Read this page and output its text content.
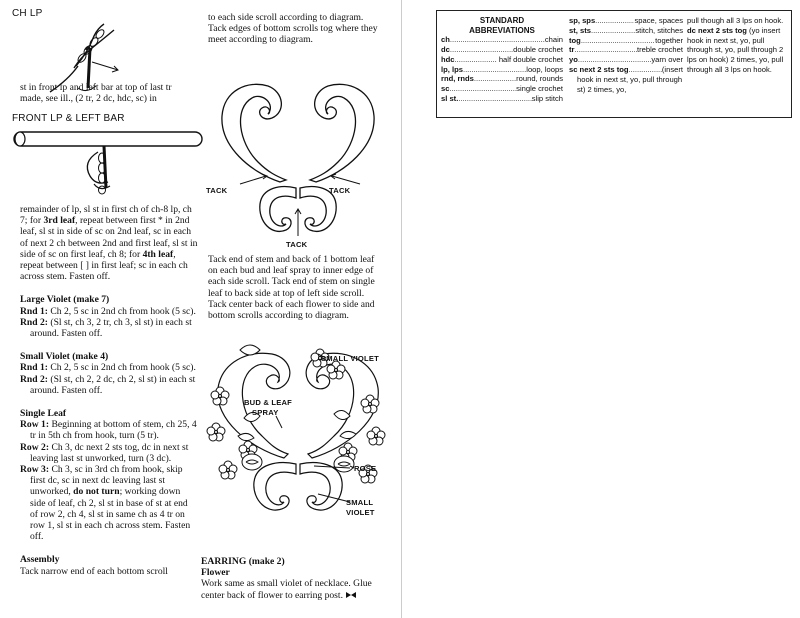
CH LP

st in front lp and left bar at top of last tr made, see ill., (2 tr, 2 dc, hdc, sc) in

FRONT LP & LEFT BAR

remainder of lp, sl st in first ch of ch-8 lp, ch 7; for 3rd leaf, repeat between first * in 2nd leaf, sl st in side of sc on 2nd leaf, sc in each of next 2 ch between 2nd and first leaf, sl st in side of sc on first leaf, ch 8; for 4th leaf, repeat between [ ] in first leaf; sc in each ch across stem. Fasten off.

Large Violet (make 7)

Rnd 1: Ch 2, 5 sc in 2nd ch from hook (5 sc).

Rnd 2: (Sl st, ch 3, 2 tr, ch 3, sl st) in each st around. Fasten off.

Small Violet (make 4)

Rnd 1: Ch 2, 5 sc in 2nd ch from hook (5 sc).

Rnd 2: (Sl st, ch 2, 2 dc, ch 2, sl st) in each st around. Fasten off.

Single Leaf

Row 1: Beginning at bottom of stem, ch 25, 4 tr in 5th ch from hook, turn (5 tr).

Row 2: Ch 3, dc next 2 sts tog, dc in next st leaving last st unworked, turn (3 dc).

Row 3: Ch 3, sc in 3rd ch from hook, skip first dc, sc in next dc leaving last st unworked, do not turn; working down side of leaf, ch 2, sl st in base of st at end of row 2, ch 4, sl st in same ch as 4 tr on row 1, sl st in each ch across stem. Fasten off.

Assembly

Tack narrow end of each bottom scroll

to each side scroll according to diagram. Tack edges of bottom scrolls tog where they meet according to diagram.

TACK	TACK
TACK

Tack end of stem and back of 1 bottom leaf on each bud and leaf spray to inner edge of each side scroll. Tack end of stem on single leaf to back side at top of left side scroll. Tack center back of each flower to side and bottom scrolls according to diagram.

SMALL VIOLET
BUD & LEAF
SPRAY
ROSE
SMALL
VIOLET

EARRING (make 2)

Flower

Work same as small violet of necklace. Glue center back of flower to earring post.

STANDARD
ABBREVIATIONS
ch .....	chain
dc .....	double crochet
hdc .....	. half double crochet
lp, lps .....	loop, loops
rnd, rnds .....	round, rounds
sc .....	single crochet
sl st. .....	slip stitch
sp, sps .....	space, spaces
st, sts .....	stitch, stitches
tog .....	together
tr .....	treble crochet
yo .....	yarn over
sc next 2 sts tog .....	(insert
hook in next st, yo, pull through st) 2 times, yo,
pull though all 3 lps on hook.
dc next 2 sts tog (yo insert hook in next st, yo, pull through st, yo, pull through 2 lps on hook) 2 times, yo, pull through all 3 lps on hook.
